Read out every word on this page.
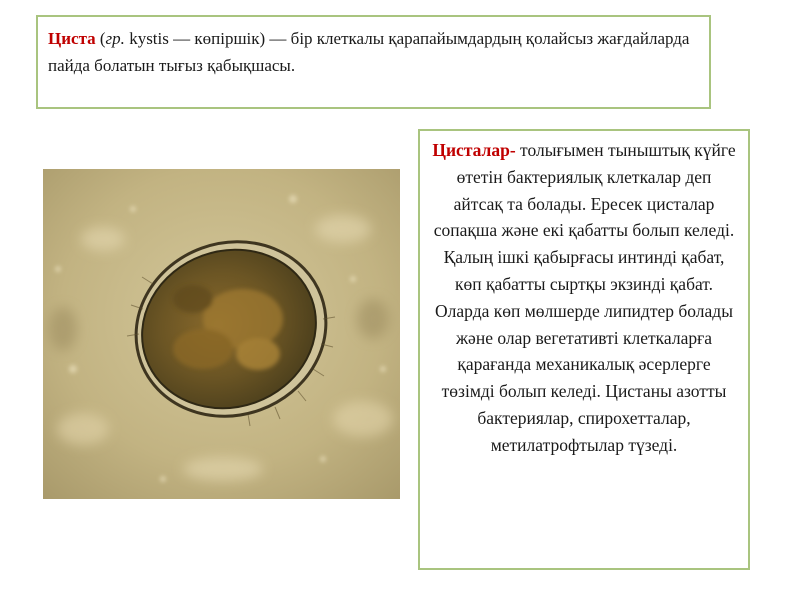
Циста (гр. kystis — көпіршік) — бір клеткалы қарапайымдардың қолайсыз жағдайларда пайда болатын тығыз қабықшасы.

Цисталар- толығымен тыныштық күйге өтетін бактериялық клеткалар деп айтсақ та болады. Ересек цисталар сопақша және екі қабатты болып келеді. Қалың ішкі қабырғасы интинді қабат, көп қабатты сыртқы экзинді қабат. Оларда көп мөлшерде липидтер болады және олар вегетативті клеткаларға қарағанда механикалық әсерлерге төзімді болып келеді. Цистаны азотты бактериялар, спирохетталар, метилатрофтылар түзеді.
